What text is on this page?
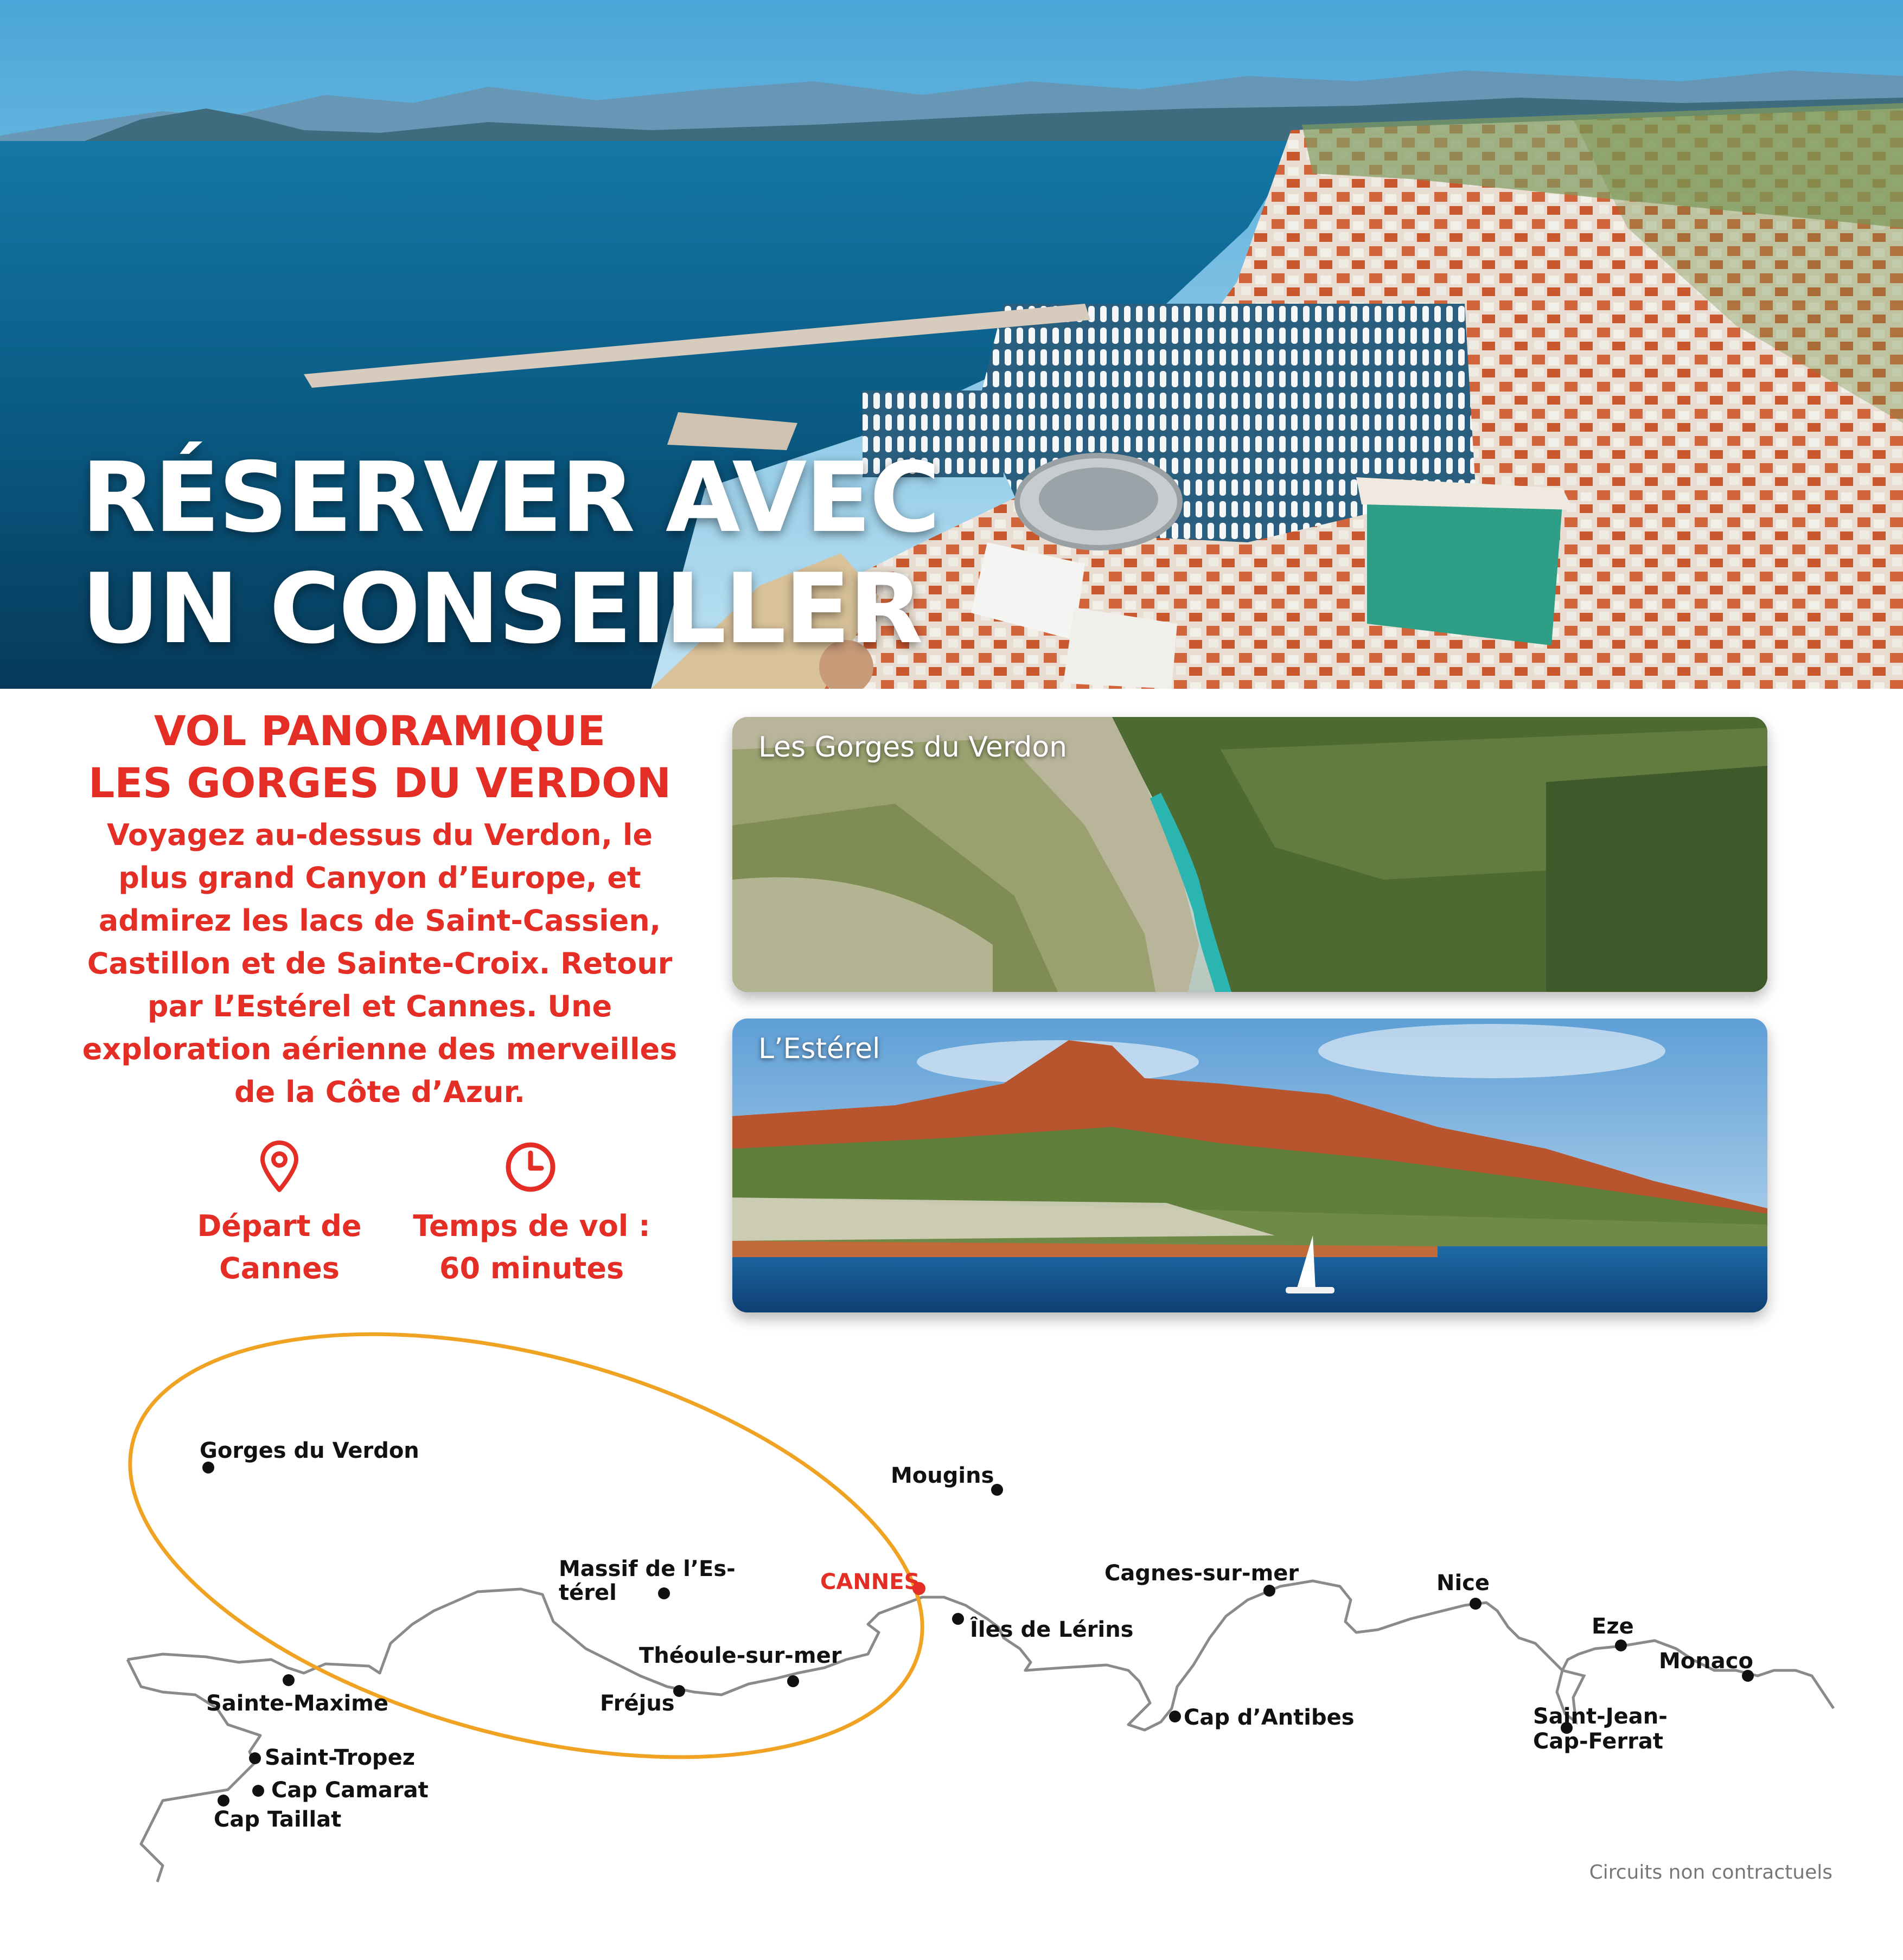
RÉSERVER AVEC
UN CONSEILLER
VOL PANORAMIQUE
LES GORGES DU VERDON
Voyagez au-dessus du Verdon, le
plus grand Canyon d’Europe, et
admirez les lacs de Saint-Cassien,
Castillon et de Sainte-Croix. Retour
par L’Estérel et Cannes. Une
exploration aérienne des merveilles
de la Côte d’Azur.
Départ de
Cannes
Temps de vol :
60 minutes
Les Gorges du Verdon
L’Estérel
Gorges du Verdon
Mougins
Massif de l’Es-
térel	CANNES	Cagnes-sur-mer	Nice
Îles de Lérins
Théoule-sur-mer
Eze
Monaco
Sainte-Maxime	Fréjus
Cap d’Antibes	Saint-Jean-
Cap-Ferrat
Saint-Tropez
Cap Camarat
Cap Taillat
Circuits non contractuels
